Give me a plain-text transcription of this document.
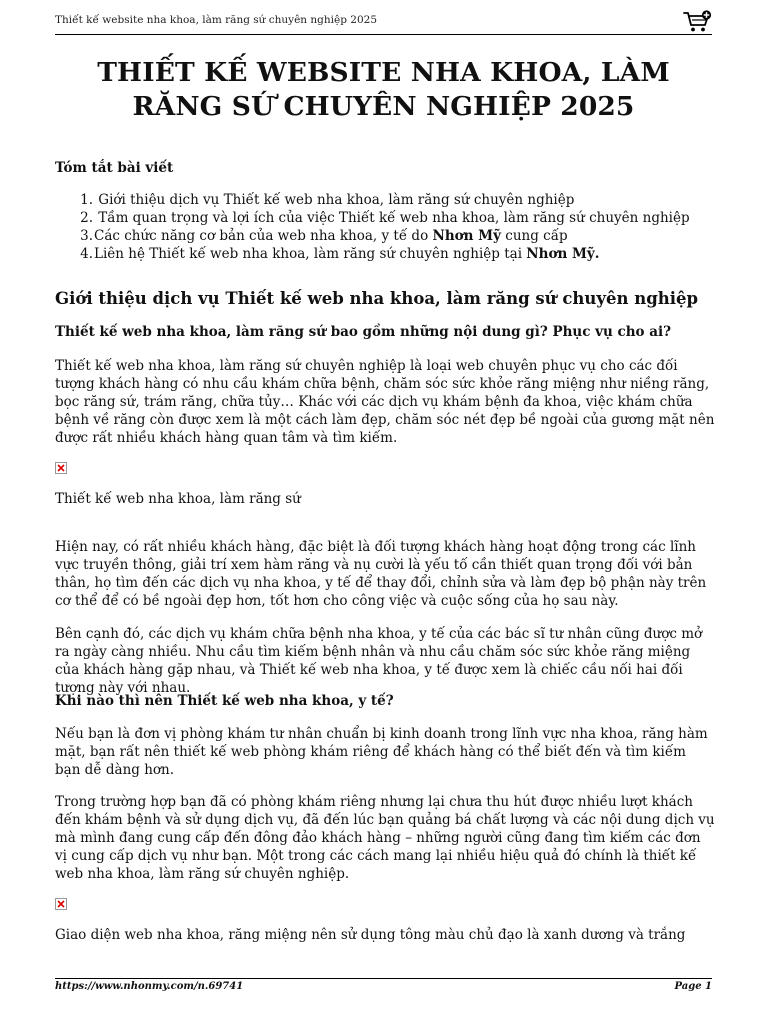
Thiết kế website nha khoa, làm răng sứ chuyên nghiệp 2025
THIẾT KẾ WEBSITE NHA KHOA, LÀM RĂNG SỨ CHUYÊN NGHIỆP 2025
Tóm tắt bài viết
1. Giới thiệu dịch vụ Thiết kế web nha khoa, làm răng sứ chuyên nghiệp
2. Tầm quan trọng và lợi ích của việc Thiết kế web nha khoa, làm răng sứ chuyên nghiệp
3.Các chức năng cơ bản của web nha khoa, y tế do Nhơn Mỹ cung cấp
4.Liên hệ Thiết kế web nha khoa, làm răng sứ chuyên nghiệp tại Nhơn Mỹ.
Giới thiệu dịch vụ Thiết kế web nha khoa, làm răng sứ chuyên nghiệp
Thiết kế web nha khoa, làm răng sứ bao gồm những nội dung gì? Phục vụ cho ai?

Thiết kế web nha khoa, làm răng sứ chuyên nghiệp là loại web chuyên phục vụ cho các đối tượng khách hàng có nhu cầu khám chữa bệnh, chăm sóc sức khỏe răng miệng như niềng răng, bọc răng sứ, trám răng, chữa tủy… Khác với các dịch vụ khám bệnh đa khoa, việc khám chữa bệnh về răng còn được xem là một cách làm đẹp, chăm sóc nét đẹp bề ngoài của gương mặt nên được rất nhiều khách hàng quan tâm và tìm kiếm.

Thiết kế web nha khoa, làm răng sứ

Hiện nay, có rất nhiều khách hàng, đặc biệt là đối tượng khách hàng hoạt động trong các lĩnh vực truyền thông, giải trí xem hàm răng và nụ cười là yếu tố cần thiết quan trọng đối với bản thân, họ tìm đến các dịch vụ nha khoa, y tế để thay đổi, chỉnh sửa và làm đẹp bộ phận này trên cơ thể để có bề ngoài đẹp hơn, tốt hơn cho công việc và cuộc sống của họ sau này.

Bên cạnh đó, các dịch vụ khám chữa bệnh nha khoa, y tế của các bác sĩ tư nhân cũng được mở ra ngày càng nhiều. Nhu cầu tìm kiếm bệnh nhân và nhu cầu chăm sóc sức khỏe răng miệng của khách hàng gặp nhau, và Thiết kế web nha khoa, y tế được xem là chiếc cầu nối hai đối tượng này với nhau.

Khi nào thì nên Thiết kế web nha khoa, y tế?

Nếu bạn là đơn vị phòng khám tư nhân chuẩn bị kinh doanh trong lĩnh vực nha khoa, răng hàm mặt, bạn rất nên thiết kế web phòng khám riêng để khách hàng có thể biết đến và tìm kiếm bạn dễ dàng hơn.

Trong trường hợp bạn đã có phòng khám riêng nhưng lại chưa thu hút được nhiều lượt khách đến khám bệnh và sử dụng dịch vụ, đã đến lúc bạn quảng bá chất lượng và các nội dung dịch vụ mà mình đang cung cấp đến đông đảo khách hàng – những người cũng đang tìm kiếm các đơn vị cung cấp dịch vụ như bạn. Một trong các cách mang lại nhiều hiệu quả đó chính là thiết kế web nha khoa, làm răng sứ chuyên nghiệp.

Giao diện web nha khoa, răng miệng nên sử dụng tông màu chủ đạo là xanh dương và trắng

https://www.nhonmy.com/n.69741	Page 1
